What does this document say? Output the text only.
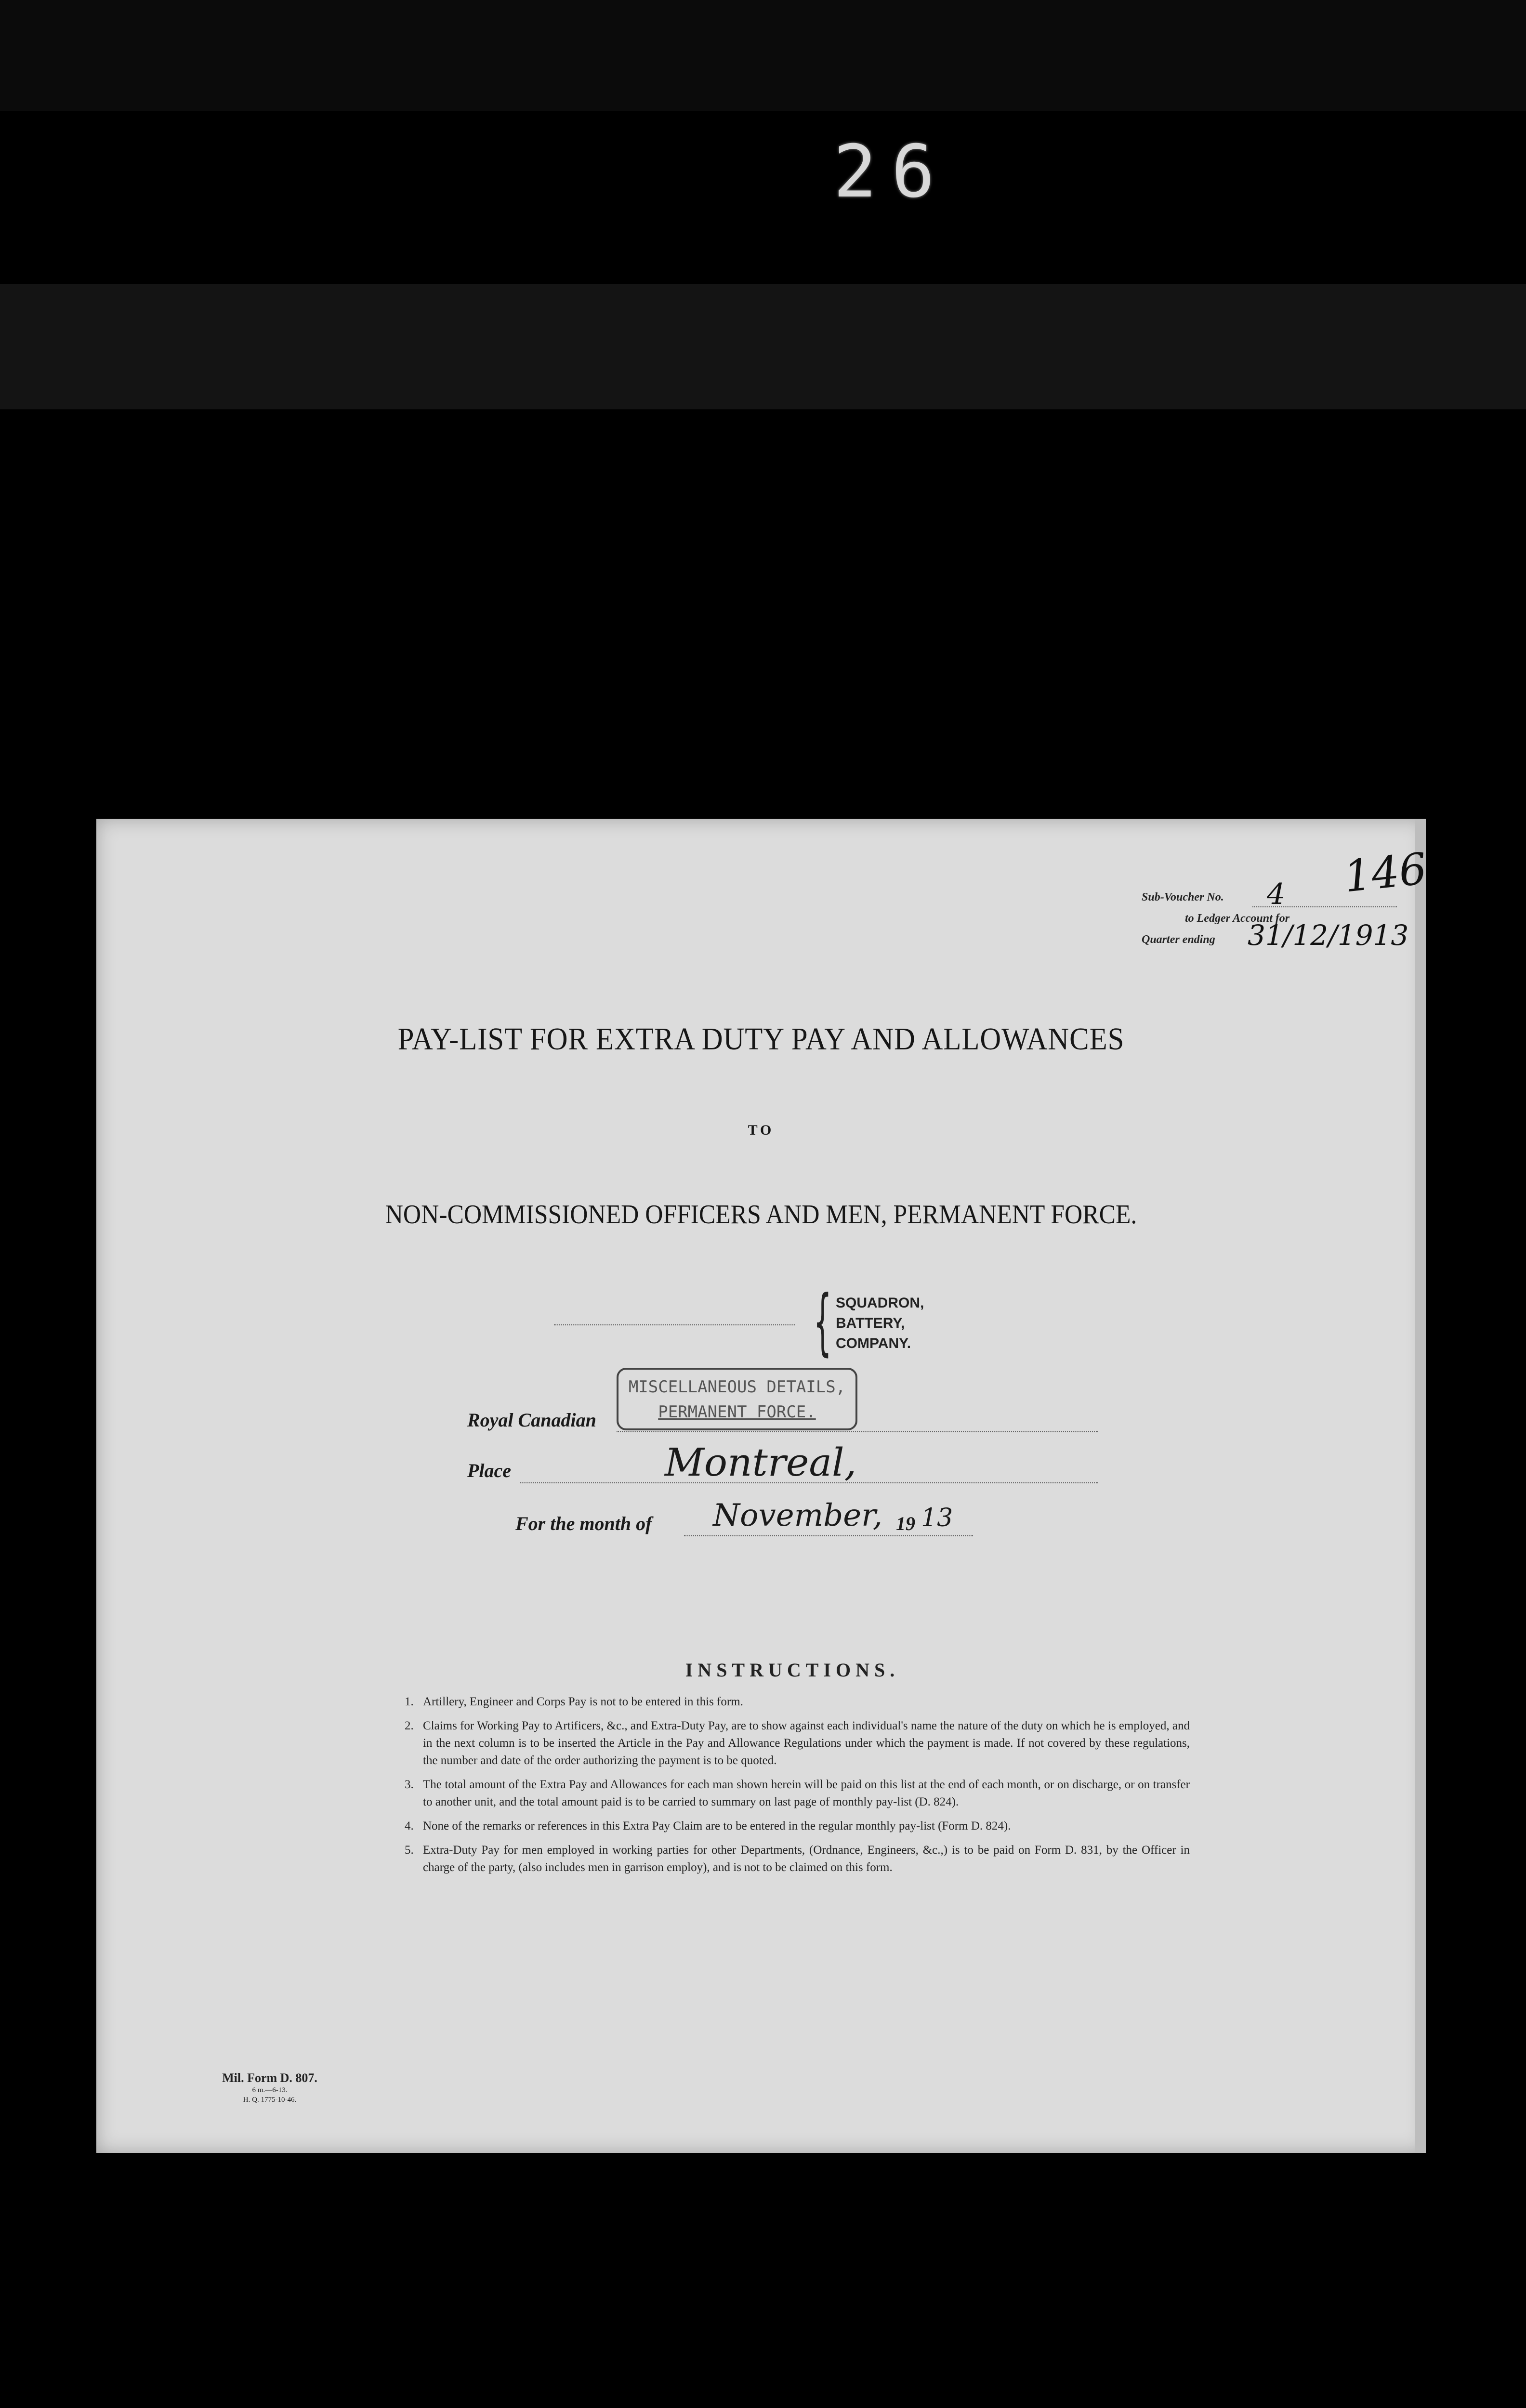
26
146
Sub-Voucher No. 4
to Ledger Account for
Quarter ending 31/12/1913
PAY-LIST FOR EXTRA DUTY PAY AND ALLOWANCES
TO
NON-COMMISSIONED OFFICERS AND MEN, PERMANENT FORCE.
{ SQUADRON,
BATTERY,
COMPANY.
Royal Canadian
MISCELLANEOUS DETAILS,
PERMANENT FORCE.
Place	Montreal,
For the month of November, 19 13
INSTRUCTIONS.
1. Artillery, Engineer and Corps Pay is not to be entered in this form.
2. Claims for Working Pay to Artificers, &c., and Extra-Duty Pay, are to show against each individual's name the nature of the duty on which he is employed, and in the next column is to be inserted the Article in the Pay and Allowance Regulations under which the payment is made. If not covered by these regulations, the number and date of the order authorizing the payment is to be quoted.
3. The total amount of the Extra Pay and Allowances for each man shown herein will be paid on this list at the end of each month, or on discharge, or on transfer to another unit, and the total amount paid is to be carried to summary on last page of monthly pay-list (D. 824).
4. None of the remarks or references in this Extra Pay Claim are to be entered in the regular monthly pay-list (Form D. 824).
5. Extra-Duty Pay for men employed in working parties for other Departments, (Ordnance, Engineers, &c.,) is to be paid on Form D. 831, by the Officer in charge of the party, (also includes men in garrison employ), and is not to be claimed on this form.
Mil. Form D. 807.
6 m.—6-13.
H. Q. 1775-10-46.
